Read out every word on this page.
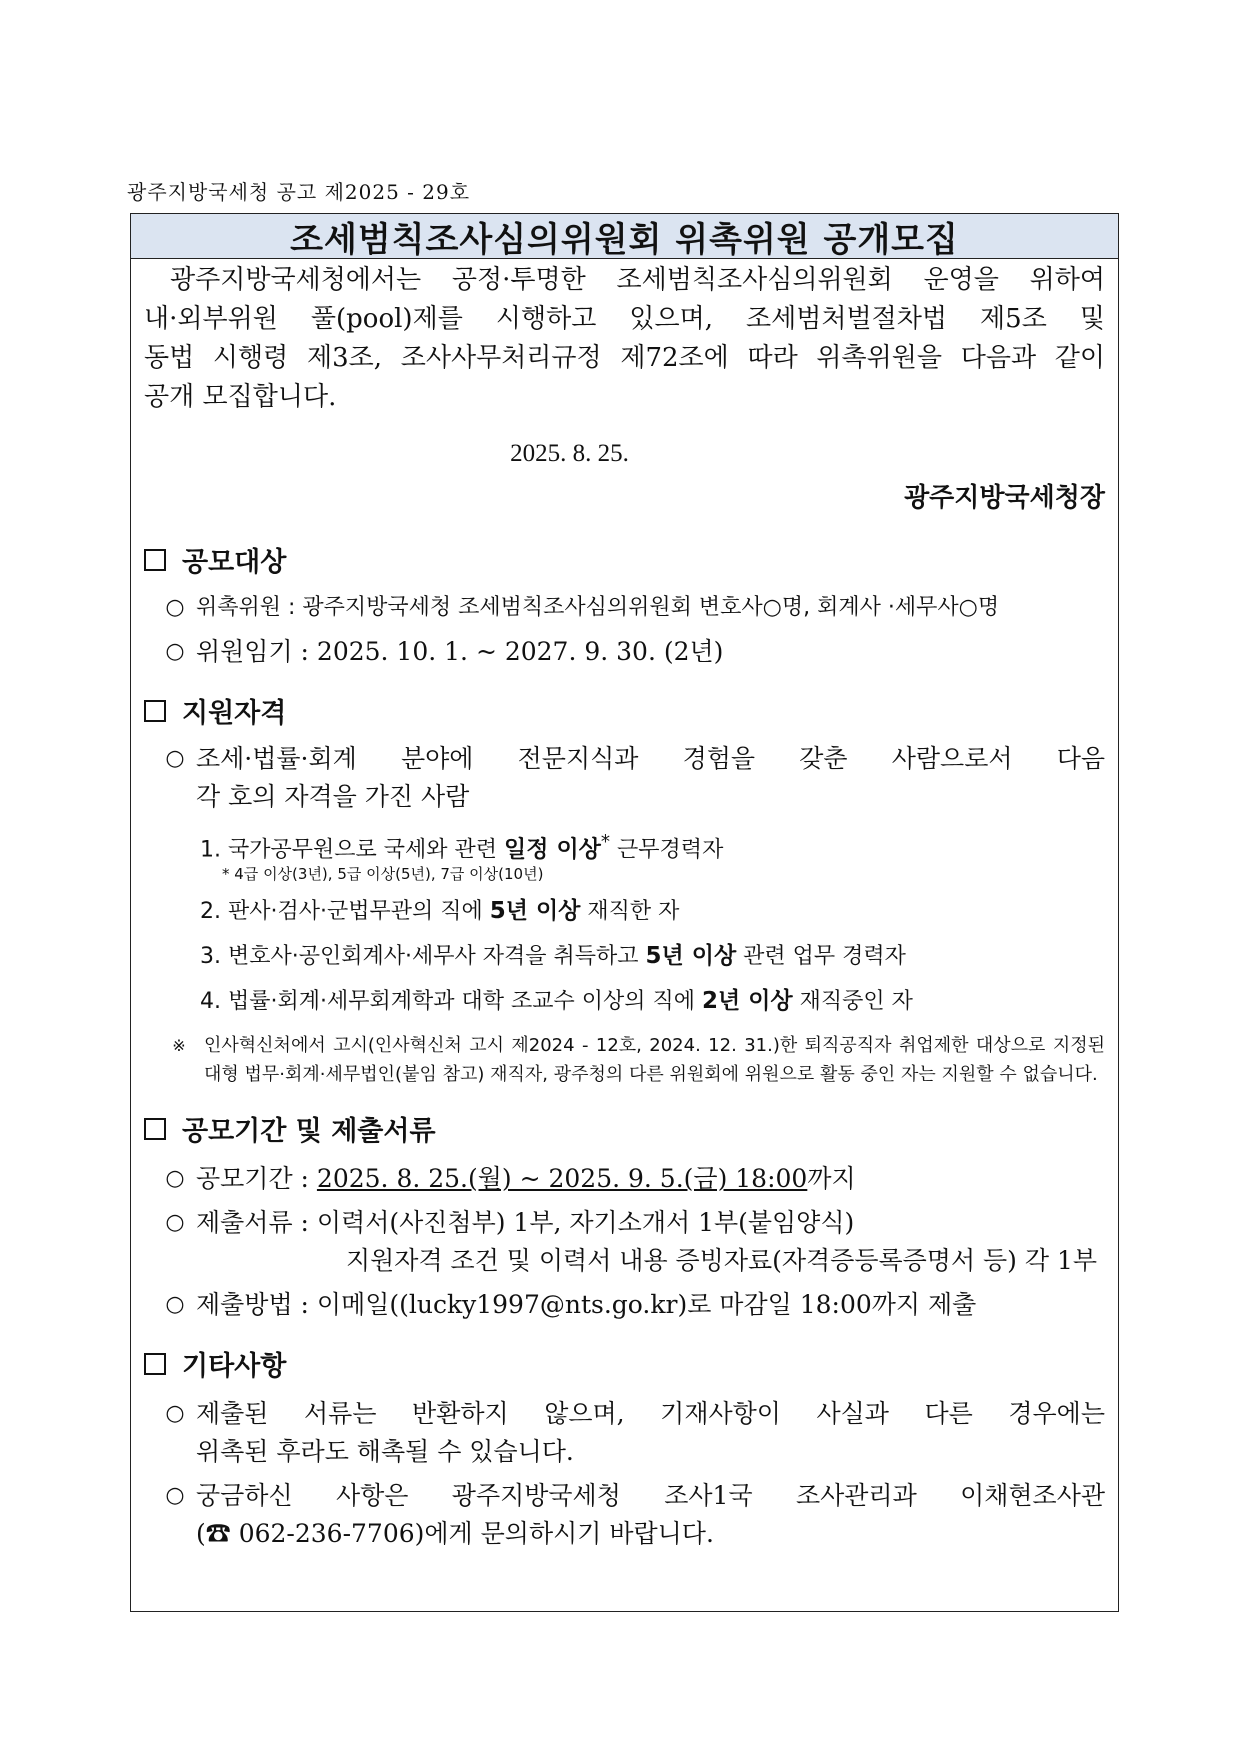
광주지방국세청 공고 제2025 - 29호
조세범칙조사심의위원회 위촉위원 공개모집

광주지방국세청에서는 공정·투명한 조세범칙조사심의위원회 운영을 위하여

내·외부위원 풀(pool)제를 시행하고 있으며, 조세범처벌절차법 제5조 및

동법 시행령 제3조, 조사사무처리규정 제72조에 따라 위촉위원을 다음과 같이

공개 모집합니다.

2025. 8. 25.
광주지방국세청장
공모대상
○ 위촉위원 : 광주지방국세청 조세범칙조사심의위원회 변호사○명, 회계사 ·세무사○명
○ 위원임기 : 2025. 10. 1. ~ 2027. 9. 30. (2년)
지원자격
○ 조세·법률·회계 분야에 전문지식과 경험을 갖춘 사람으로서 다음
각 호의 자격을 가진 사람
1. 국가공무원으로 국세와 관련 일정 이상* 근무경력자
* 4급 이상(3년), 5급 이상(5년), 7급 이상(10년)
2. 판사·검사·군법무관의 직에 5년 이상 재직한 자
3. 변호사·공인회계사·세무사 자격을 취득하고 5년 이상 관련 업무 경력자
4. 법률·회계·세무회계학과 대학 조교수 이상의 직에 2년 이상 재직중인 자
※	인사혁신처에서 고시(인사혁신처 고시 제2024 - 12호, 2024. 12. 31.)한 퇴직공직자 취업제한 대상으로 지정된 대형 법무·회계·세무법인(붙임 참고) 재직자, 광주청의 다른 위원회에 위원으로 활동 중인 자는 지원할 수 없습니다.
공모기간 및 제출서류
○ 공모기간 : 2025. 8. 25.(월) ~ 2025. 9. 5.(금) 18:00까지
○ 제출서류 : 이력서(사진첨부) 1부, 자기소개서 1부(붙임양식)
지원자격 조건 및 이력서 내용 증빙자료(자격증등록증명서 등) 각 1부
○ 제출방법 : 이메일((lucky1997@nts.go.kr)로 마감일 18:00까지 제출
기타사항
○ 제출된 서류는 반환하지 않으며, 기재사항이 사실과 다른 경우에는
위촉된 후라도 해촉될 수 있습니다.
○ 궁금하신 사항은 광주지방국세청 조사1국 조사관리과 이채현조사관
(☎ 062-236-7706)에게 문의하시기 바랍니다.
